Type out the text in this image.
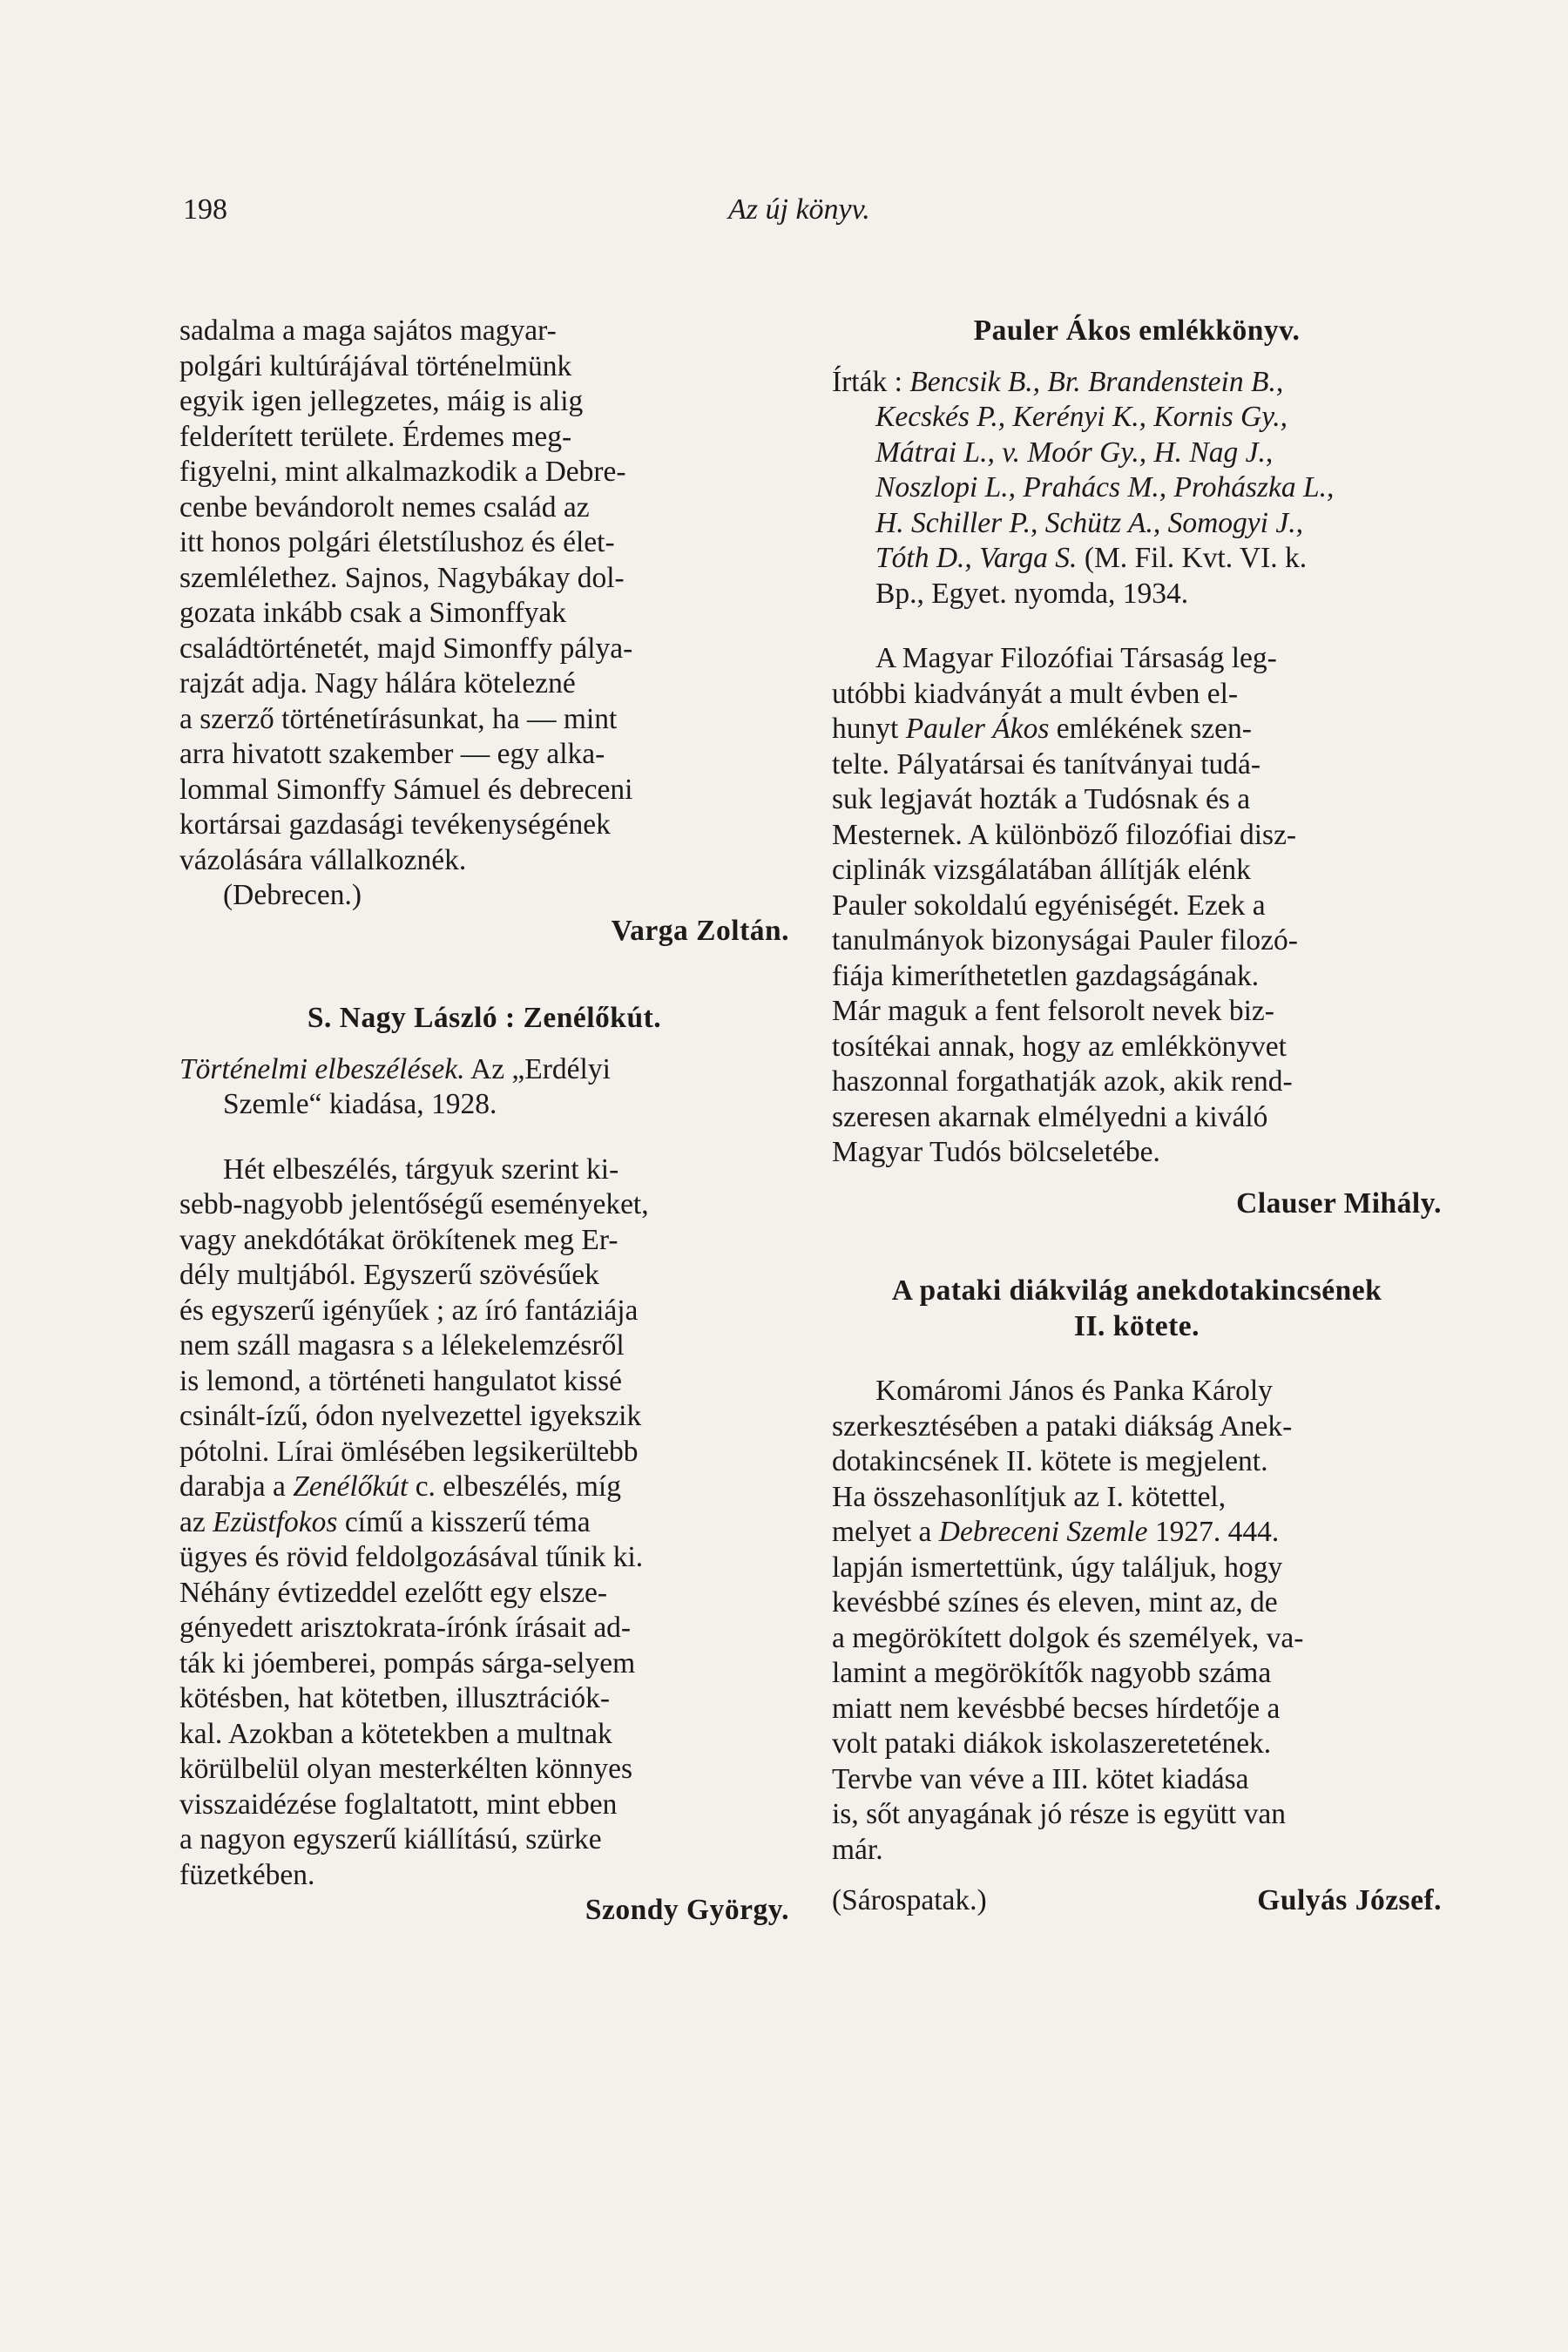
198	Az új könyv.

sadalma a maga sajátos magyar-

polgári kultúrájával történelmünk

egyik igen jellegzetes, máig is alig

felderített területe. Érdemes meg-

figyelni, mint alkalmazkodik a Debre-

cenbe bevándorolt nemes család az

itt honos polgári életstílushoz és élet-

szemlélethez. Sajnos, Nagybákay dol-

gozata inkább csak a Simonffyak

családtörténetét, majd Simonffy pálya-

rajzát adja. Nagy hálára kötelezné

a szerző történetírásunkat, ha — mint

arra hivatott szakember — egy alka-

lommal Simonffy Sámuel és debreceni

kortársai gazdasági tevékenységének

vázolására vállalkoznék.

(Debrecen.)

Varga Zoltán.

S. Nagy László : Zenélőkút.

Történelmi elbeszélések. Az „Erdélyi

Szemle“ kiadása, 1928.

Hét elbeszélés, tárgyuk szerint ki-

sebb-nagyobb jelentőségű eseményeket,

vagy anekdótákat örökítenek meg Er-

dély multjából. Egyszerű szövésűek

és egyszerű igényűek ; az író fantáziája

nem száll magasra s a lélekelemzésről

is lemond, a történeti hangulatot kissé

csinált-ízű, ódon nyelvezettel igyekszik

pótolni. Lírai ömlésében legsikerültebb

darabja a Zenélőkút c. elbeszélés, míg

az Ezüstfokos című a kisszerű téma

ügyes és rövid feldolgozásával tűnik ki.

Néhány évtizeddel ezelőtt egy elsze-

gényedett arisztokrata-írónk írásait ad-

ták ki jóemberei, pompás sárga-selyem

kötésben, hat kötetben, illusztrációk-

kal. Azokban a kötetekben a multnak

körülbelül olyan mesterkélten könnyes

visszaidézése foglaltatott, mint ebben

a nagyon egyszerű kiállítású, szürke

füzetkében.

Szondy György.

Pauler Ákos emlékkönyv.

Írták : Bencsik B., Br. Brandenstein B.,

Kecskés P., Kerényi K., Kornis Gy.,

Mátrai L., v. Moór Gy., H. Nag J.,

Noszlopi L., Prahács M., Prohászka L.,

H. Schiller P., Schütz A., Somogyi J.,

Tóth D., Varga S. (M. Fil. Kvt. VI. k.

Bp., Egyet. nyomda, 1934.

A Magyar Filozófiai Társaság leg-

utóbbi kiadványát a mult évben el-

hunyt Pauler Ákos emlékének szen-

telte. Pályatársai és tanítványai tudá-

suk legjavát hozták a Tudósnak és a

Mesternek. A különböző filozófiai disz-

ciplinák vizsgálatában állítják elénk

Pauler sokoldalú egyéniségét. Ezek a

tanulmányok bizonyságai Pauler filozó-

fiája kimeríthetetlen gazdagságának.

Már maguk a fent felsorolt nevek biz-

tosítékai annak, hogy az emlékkönyvet

haszonnal forgathatják azok, akik rend-

szeresen akarnak elmélyedni a kiváló

Magyar Tudós bölcseletébe.

Clauser Mihály.

A pataki diákvilág anekdotakincsének

II. kötete.

Komáromi János és Panka Károly

szerkesztésében a pataki diákság Anek-

dotakincsének II. kötete is megjelent.

Ha összehasonlítjuk az I. kötettel,

melyet a Debreceni Szemle 1927. 444.

lapján ismertettünk, úgy találjuk, hogy

kevésbbé színes és eleven, mint az, de

a megörökített dolgok és személyek, va-

lamint a megörökítők nagyobb száma

miatt nem kevésbbé becses hírdetője a

volt pataki diákok iskolaszeretetének.

Tervbe van véve a III. kötet kiadása

is, sőt anyagának jó része is együtt van

már.

(Sárospatak.)	Gulyás József.
